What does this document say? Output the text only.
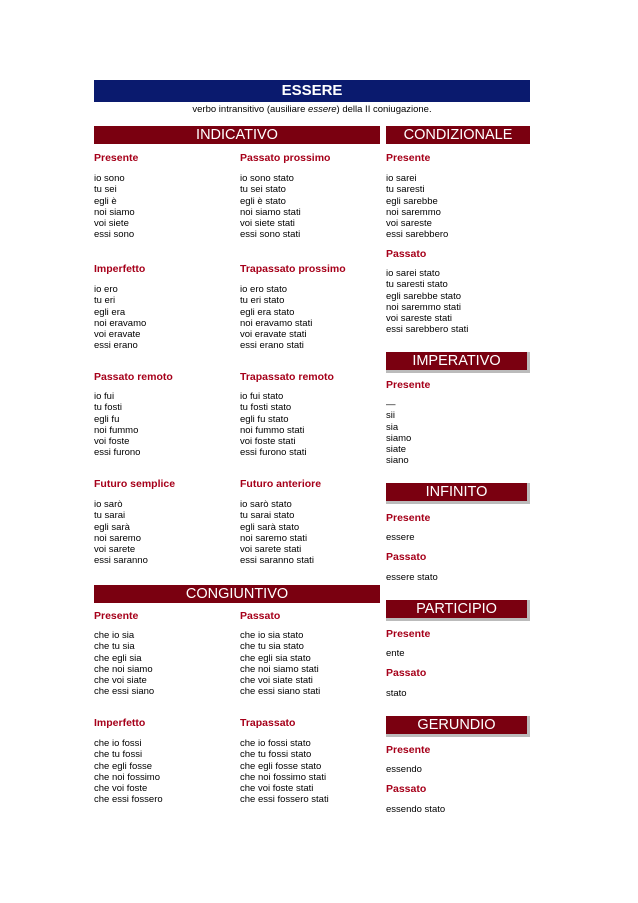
ESSERE
verbo intransitivo (ausiliare essere) della II coniugazione.
INDICATIVO	CONDIZIONALE
Presente
io sono
tu sei
egli è
noi siamo
voi siete
essi sono
Passato prossimo
io sono stato
tu sei stato
egli è stato
noi siamo stati
voi siete stati
essi sono stati
Imperfetto
io ero
tu eri
egli era
noi eravamo
voi eravate
essi erano
Trapassato prossimo
io ero stato
tu eri stato
egli era stato
noi eravamo stati
voi eravate stati
essi erano stati
Passato remoto
io fui
tu fosti
egli fu
noi fummo
voi foste
essi furono
Trapassato remoto
io fui stato
tu fosti stato
egli fu stato
noi fummo stati
voi foste stati
essi furono stati
Futuro semplice
io sarò
tu sarai
egli sarà
noi saremo
voi sarete
essi saranno
Futuro anteriore
io sarò stato
tu sarai stato
egli sarà stato
noi saremo stati
voi sarete stati
essi saranno stati
CONGIUNTIVO
Presente
che io sia
che tu sia
che egli sia
che noi siamo
che voi siate
che essi siano
Passato
che io sia stato
che tu sia stato
che egli sia stato
che noi siamo stati
che voi siate stati
che essi siano stati
Imperfetto
che io fossi
che tu fossi
che egli fosse
che noi fossimo
che voi foste
che essi fossero
Trapassato
che io fossi stato
che tu fossi stato
che egli fosse stato
che noi fossimo stati
che voi foste stati
che essi fossero stati
Presente
io sarei
tu saresti
egli sarebbe
noi saremmo
voi sareste
essi sarebbero
Passato
io sarei stato
tu saresti stato
egli sarebbe stato
noi saremmo stati
voi sareste stati
essi sarebbero stati
IMPERATIVO
Presente
—
sii
sia
siamo
siate
siano
INFINITO
Presente
essere
Passato
essere stato
PARTICIPIO
Presente
ente
Passato
stato
GERUNDIO
Presente
essendo
Passato
essendo stato
